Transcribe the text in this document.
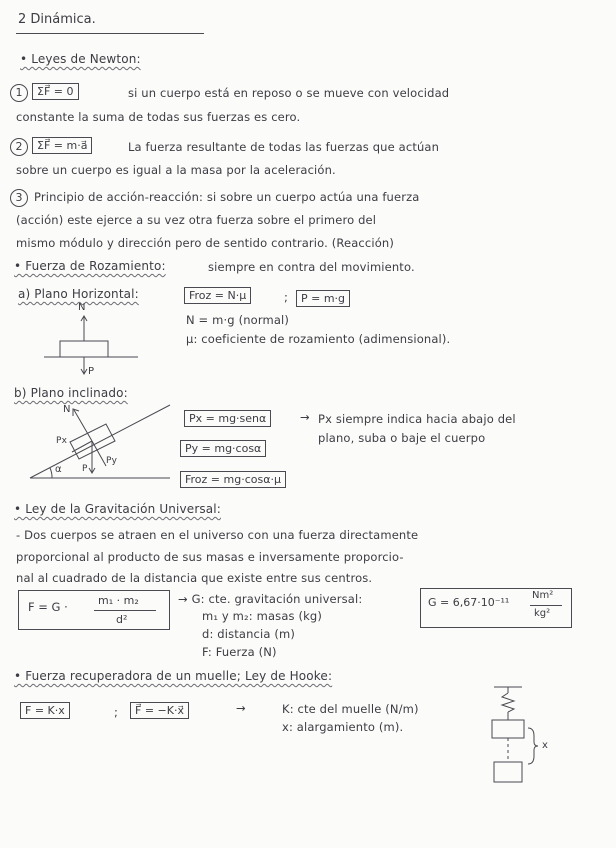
2 Dinámica.
• Leyes de Newton:
1	ΣF⃗ = 0	si un cuerpo está en reposo o se mueve con velocidad
constante la suma de todas sus fuerzas es cero.
2	ΣF⃗ = m·a⃗	La fuerza resultante de todas las fuerzas que actúan
sobre un cuerpo es igual a la masa por la aceleración.
3	Principio de acción-reacción: si sobre un cuerpo actúa una fuerza
(acción) este ejerce a su vez otra fuerza sobre el primero del
mismo módulo y dirección pero de sentido contrario. (Reacción)
• Fuerza de Rozamiento:	siempre en contra del movimiento.
a) Plano Horizontal:	Froz = N·μ	;	P = m·g
N = m·g (normal)
μ: coeficiente de rozamiento (adimensional).
N
P
b) Plano inclinado:
Px = mg·senα	→ Px siempre indica hacia abajo del
plano, suba o baje el cuerpo
Py = mg·cosα
Froz = mg·cosα·μ
N
Px
Py
P
α
• Ley de la Gravitación Universal:
- Dos cuerpos se atraen en el universo con una fuerza directamente
proporcional al producto de sus masas e inversamente proporcio-
nal al cuadrado de la distancia que existe entre sus centros.
F = G ·	m₁ · m₂
d²
→ G: cte. gravitación universal:
m₁ y m₂: masas (kg)
d: distancia (m)
F: Fuerza (N)
G = 6,67·10⁻¹¹
Nm²
kg²
• Fuerza recuperadora de un muelle; Ley de Hooke:
F = K·x	;	F⃗ = −K·x⃗	→	K: cte del muelle (N/m)
x: alargamiento (m).
x
